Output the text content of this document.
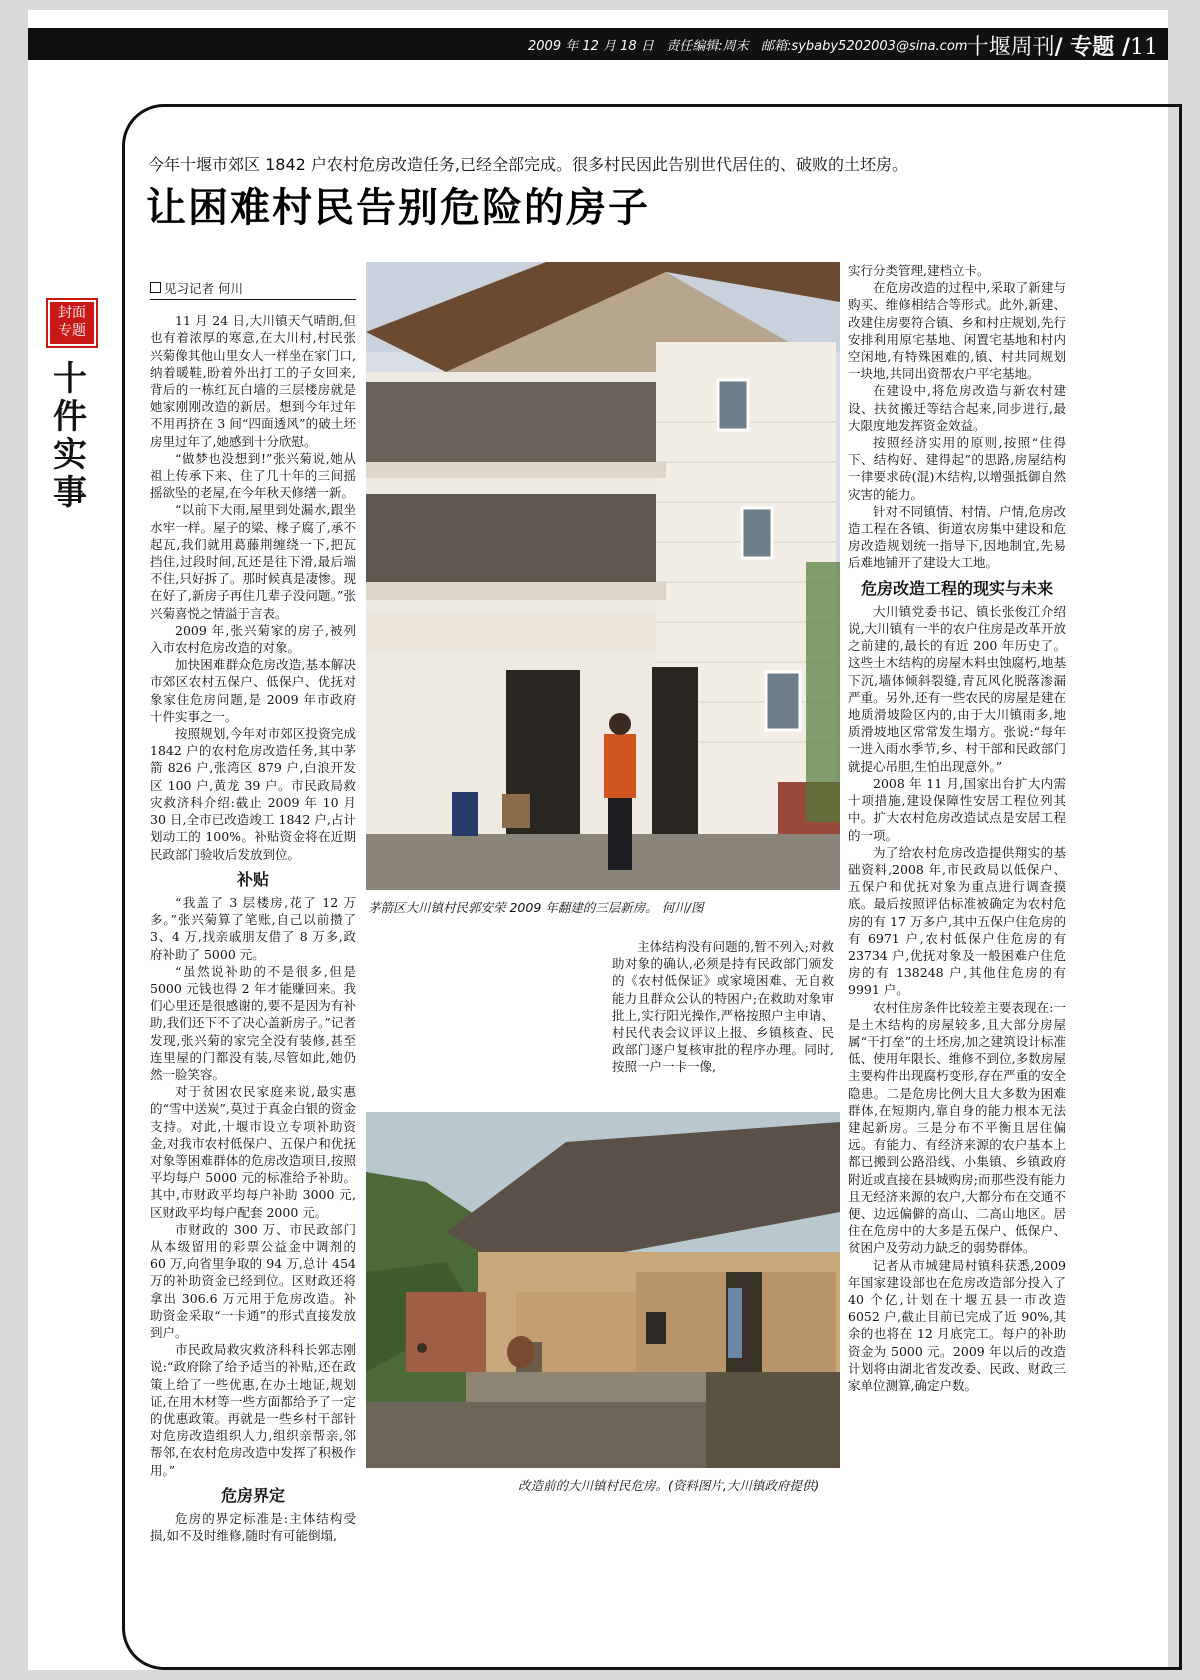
2009 年 12 月 18 日 责任编辑:周末 邮箱:sybaby5202003@sina.com 十堰周刊/ 专题 /11
封面
专题
十
件
实
事
今年十堰市郊区 1842 户农村危房改造任务,已经全部完成。很多村民因此告别世代居住的、破败的土坯房。
让困难村民告别危险的房子
见习记者 何川

11 月 24 日,大川镇天气晴朗,但也有着浓厚的寒意,在大川村,村民张兴菊像其他山里女人一样坐在家门口,纳着暖鞋,盼着外出打工的子女回来,背后的一栋红瓦白墙的三层楼房就是她家刚刚改造的新居。想到今年过年不用再挤在 3 间“四面透风”的破土坯房里过年了,她感到十分欣慰。

“做梦也没想到!”张兴菊说,她从祖上传承下来、住了几十年的三间摇摇欲坠的老屋,在今年秋天修缮一新。

“以前下大雨,屋里到处漏水,跟坐水牢一样。屋子的梁、椽子腐了,承不起瓦,我们就用葛藤荆缠绕一下,把瓦挡住,过段时间,瓦还是往下滑,最后端不住,只好拆了。那时候真是凄惨。现在好了,新房子再住几辈子没问题。”张兴菊喜悦之情溢于言表。

2009 年,张兴菊家的房子,被列入市农村危房改造的对象。

加快困难群众危房改造,基本解决市郊区农村五保户、低保户、优抚对象家住危房问题,是 2009 年市政府十件实事之一。

按照规划,今年对市郊区投资完成 1842 户的农村危房改造任务,其中茅箭 826 户,张湾区 879 户,白浪开发区 100 户,黄龙 39 户。市民政局救灾救济科介绍:截止 2009 年 10 月 30 日,全市已改造竣工 1842 户,占计划动工的 100%。补贴资金将在近期民政部门验收后发放到位。

补贴

“我盖了 3 层楼房,花了 12 万多。”张兴菊算了笔账,自己以前攒了 3、4 万,找亲戚朋友借了 8 万多,政府补助了 5000 元。

“虽然说补助的不是很多,但是 5000 元钱也得 2 年才能赚回来。我们心里还是很感谢的,要不是因为有补助,我们还下不了决心盖新房子。”记者发现,张兴菊的家完全没有装修,甚至连里屋的门都没有装,尽管如此,她仍然一脸笑容。

对于贫困农民家庭来说,最实惠的“雪中送炭”,莫过于真金白银的资金支持。对此,十堰市设立专项补助资金,对我市农村低保户、五保户和优抚对象等困难群体的危房改造项目,按照平均每户 5000 元的标准给予补助。其中,市财政平均每户补助 3000 元,区财政平均每户配套 2000 元。

市财政的 300 万、市民政部门从本级留用的彩票公益金中调剂的 60 万,向省里争取的 94 万,总计 454 万的补助资金已经到位。区财政还将拿出 306.6 万元用于危房改造。补助资金采取“一卡通”的形式直接发放到户。

市民政局救灾救济科科长郭志刚说:“政府除了给予适当的补贴,还在政策上给了一些优惠,在办土地证,规划证,在用木材等一些方面都给予了一定的优惠政策。再就是一些乡村干部针对危房改造组织人力,组织亲帮亲,邻帮邻,在农村危房改造中发挥了积极作用。”

危房界定

危房的界定标准是:主体结构受损,如不及时维修,随时有可能倒塌,

茅箭区大川镇村民郭安荣 2009 年翻建的三层新房。 何川/图

主体结构没有问题的,暂不列入;对救助对象的确认,必须是持有民政部门颁发的《农村低保证》或家境困难、无自救能力且群众公认的特困户;在救助对象审批上,实行阳光操作,严格按照户主申请、村民代表会议评议上报、乡镇核查、民政部门逐户复核审批的程序办理。同时,按照一户一卡一像,

改造前的大川镇村民危房。(资料图片,大川镇政府提供)

实行分类管理,建档立卡。

在危房改造的过程中,采取了新建与购买、维修相结合等形式。此外,新建、改建住房要符合镇、乡和村庄规划,先行安排利用原宅基地、闲置宅基地和村内空闲地,有特殊困难的,镇、村共同规划一块地,共同出资帮农户平宅基地。

在建设中,将危房改造与新农村建设、扶贫搬迁等结合起来,同步进行,最大限度地发挥资金效益。

按照经济实用的原则,按照“住得下、结构好、建得起”的思路,房屋结构一律要求砖(混)木结构,以增强抵御自然灾害的能力。

针对不同镇情、村情、户情,危房改造工程在各镇、街道农房集中建设和危房改造规划统一指导下,因地制宜,先易后难地铺开了建设大工地。

危房改造工程的现实与未来

大川镇党委书记、镇长张俊江介绍说,大川镇有一半的农户住房是改革开放之前建的,最长的有近 200 年历史了。这些土木结构的房屋木料虫蚀腐朽,地基下沉,墙体倾斜裂缝,青瓦风化脱落渗漏严重。另外,还有一些农民的房屋是建在地质滑坡险区内的,由于大川镇雨多,地质滑坡地区常常发生塌方。张说:“每年一进入雨水季节,乡、村干部和民政部门就提心吊胆,生怕出现意外。”

2008 年 11 月,国家出台扩大内需十项措施,建设保障性安居工程位列其中。扩大农村危房改造试点是安居工程的一项。

为了给农村危房改造提供翔实的基础资料,2008 年,市民政局以低保户、五保户和优抚对象为重点进行调查摸底。最后按照评估标准被确定为农村危房的有 17 万多户,其中五保户住危房的有 6971 户,农村低保户住危房的有 23734 户,优抚对象及一般困难户住危房的有 138248 户,其他住危房的有 9991 户。

农村住房条件比较差主要表现在:一是土木结构的房屋较多,且大部分房屋属“干打垒”的土坯房,加之建筑设计标准低、使用年限长、维修不到位,多数房屋主要构件出现腐朽变形,存在严重的安全隐患。二是危房比例大且大多数为困难群体,在短期内,靠自身的能力根本无法建起新房。三是分布不平衡且居住偏远。有能力、有经济来源的农户基本上都已搬到公路沿线、小集镇、乡镇政府附近或直接在县城购房;而那些没有能力且无经济来源的农户,大都分布在交通不便、边远偏僻的高山、二高山地区。居住在危房中的大多是五保户、低保户、贫困户及劳动力缺乏的弱势群体。

记者从市城建局村镇科获悉,2009 年国家建设部也在危房改造部分投入了 40 个亿,计划在十堰五县一市改造 6052 户,截止目前已完成了近 90%,其余的也将在 12 月底完工。每户的补助资金为 5000 元。2009 年以后的改造计划将由湖北省发改委、民政、财政三家单位测算,确定户数。
